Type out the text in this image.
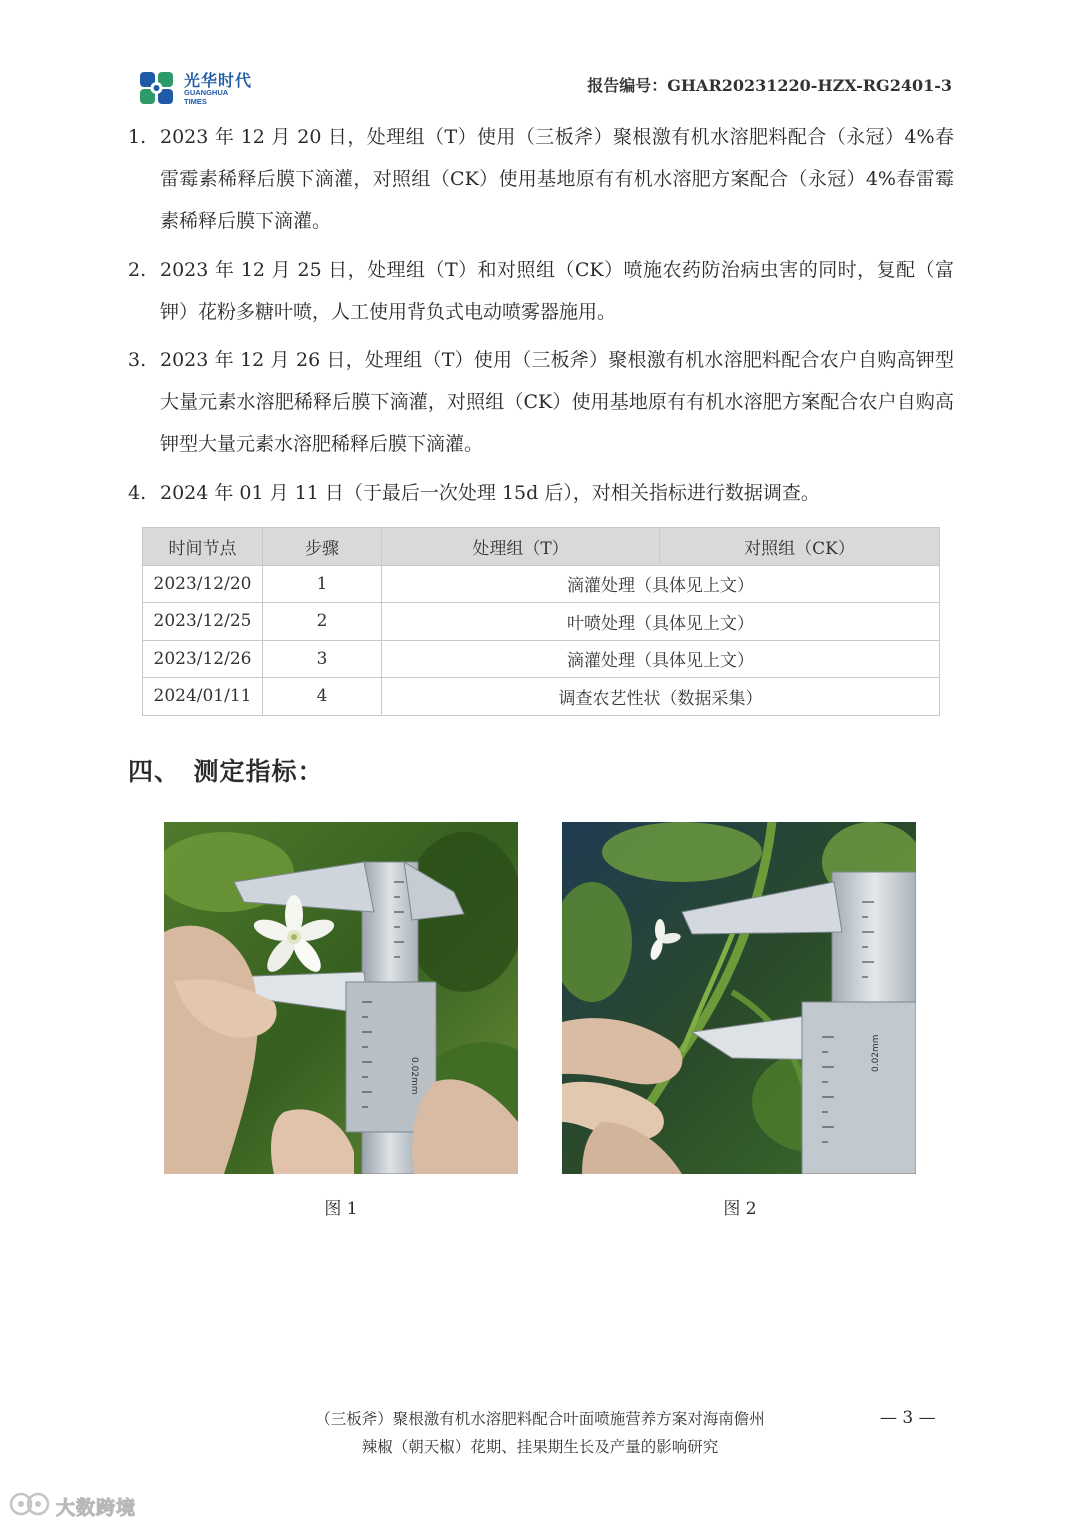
光华时代
GUANGHUA
TIMES
报告编号：GHAR20231220-HZX-RG2401-3
1. 2023 年 12 月 20 日，处理组（T）使用（三板斧）聚根激有机水溶肥料配合（永冠）4%春雷霉素稀释后膜下滴灌，对照组（CK）使用基地原有有机水溶肥方案配合（永冠）4%春雷霉素稀释后膜下滴灌。
2. 2023 年 12 月 25 日，处理组（T）和对照组（CK）喷施农药防治病虫害的同时，复配（富钾）花粉多糖叶喷，人工使用背负式电动喷雾器施用。
3. 2023 年 12 月 26 日，处理组（T）使用（三板斧）聚根激有机水溶肥料配合农户自购高钾型大量元素水溶肥稀释后膜下滴灌，对照组（CK）使用基地原有有机水溶肥方案配合农户自购高钾型大量元素水溶肥稀释后膜下滴灌。
4. 2024 年 01 月 11 日（于最后一次处理 15d 后），对相关指标进行数据调查。
时间节点	步骤	处理组（T）	对照组（CK）
2023/12/20	1	滴灌处理（具体见上文）	
2023/12/25	2	叶喷处理（具体见上文）	
2023/12/26	3	滴灌处理（具体见上文）	
2024/01/11	4	调查农艺性状（数据采集）	
四、　测定指标：
0.02mm
图 1
0.02mm
图 2
（三板斧）聚根激有机水溶肥料配合叶面喷施营养方案对海南儋州
辣椒（朝天椒）花期、挂果期生长及产量的影响研究
— 3 —
大数跨境
